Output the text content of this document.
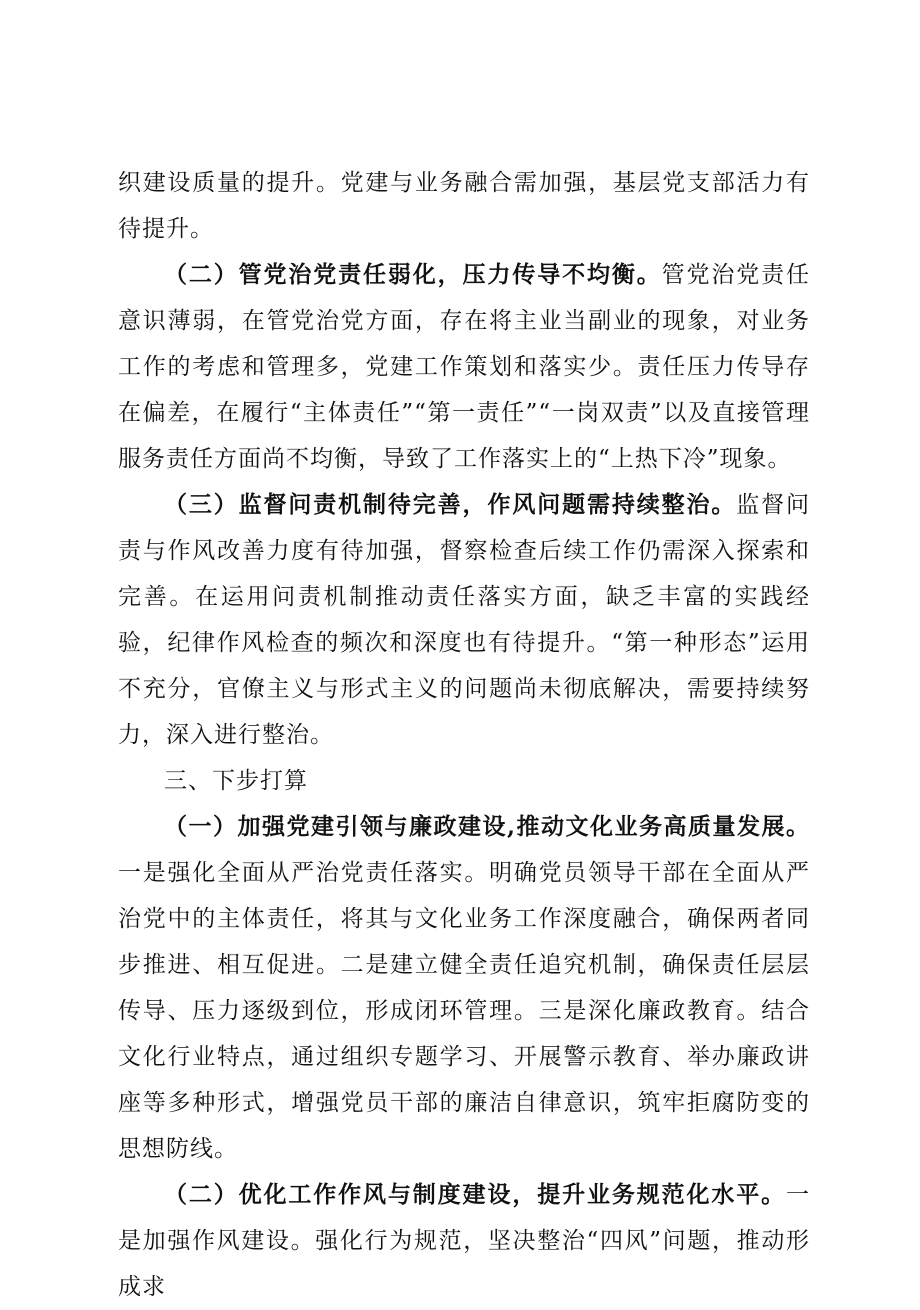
织建设质量的提升。党建与业务融合需加强，基层党支部活力有待提升。

（二）管党治党责任弱化，压力传导不均衡。管党治党责任意识薄弱，在管党治党方面，存在将主业当副业的现象，对业务工作的考虑和管理多，党建工作策划和落实少。责任压力传导存在偏差，在履行“主体责任”“第一责任”“一岗双责”以及直接管理服务责任方面尚不均衡，导致了工作落实上的“上热下冷”现象。

（三）监督问责机制待完善，作风问题需持续整治。监督问责与作风改善力度有待加强，督察检查后续工作仍需深入探索和完善。在运用问责机制推动责任落实方面，缺乏丰富的实践经验，纪律作风检查的频次和深度也有待提升。“第一种形态”运用不充分，官僚主义与形式主义的问题尚未彻底解决，需要持续努力，深入进行整治。

三、下步打算

（一）加强党建引领与廉政建设,推动文化业务高质量发展。一是强化全面从严治党责任落实。明确党员领导干部在全面从严治党中的主体责任，将其与文化业务工作深度融合，确保两者同步推进、相互促进。二是建立健全责任追究机制，确保责任层层传导、压力逐级到位，形成闭环管理。三是深化廉政教育。结合文化行业特点，通过组织专题学习、开展警示教育、举办廉政讲座等多种形式，增强党员干部的廉洁自律意识，筑牢拒腐防变的思想防线。

（二）优化工作作风与制度建设，提升业务规范化水平。一是加强作风建设。强化行为规范，坚决整治“四风”问题，推动形成求
